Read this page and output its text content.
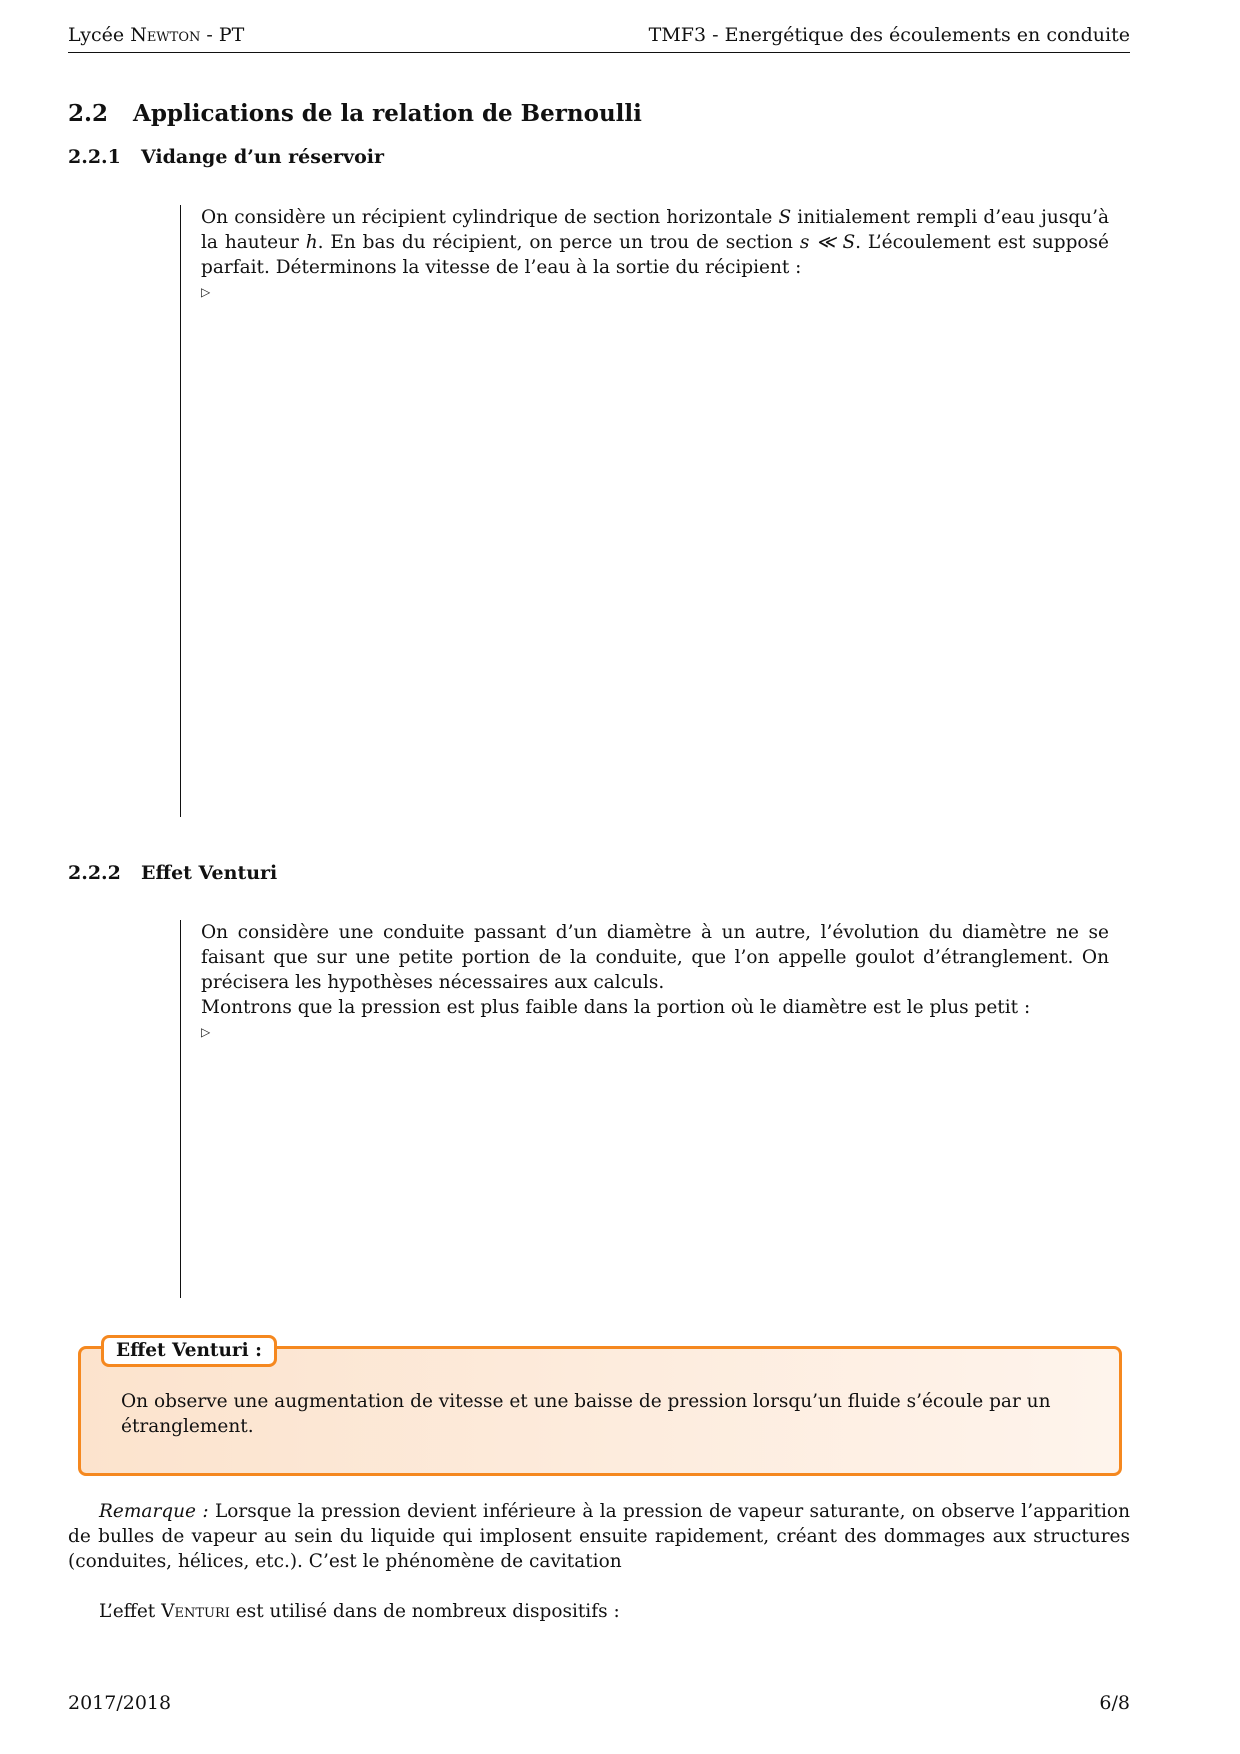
Lycée Newton - PT	TMF3 - Energétique des écoulements en conduite
2.2 Applications de la relation de Bernoulli
2.2.1 Vidange d’un réservoir

On considère un récipient cylindrique de section horizontale S initialement rempli d’eau jusqu’à la hauteur h. En bas du récipient, on perce un trou de section s ≪ S. L’écoulement est supposé parfait. Déterminons la vitesse de l’eau à la sortie du récipient :

▷
2.2.2 Effet Venturi

On considère une conduite passant d’un diamètre à un autre, l’évolution du diamètre ne se faisant que sur une petite portion de la conduite, que l’on appelle goulot d’étranglement. On précisera les hypothèses nécessaires aux calculs.

Montrons que la pression est plus faible dans la portion où le diamètre est le plus petit :

▷
Effet Venturi :

On observe une augmentation de vitesse et une baisse de pression lorsqu’un fluide s’écoule par un étranglement.

Remarque : Lorsque la pression devient inférieure à la pression de vapeur saturante, on observe l’apparition de bulles de vapeur au sein du liquide qui implosent ensuite rapidement, créant des dommages aux structures (conduites, hélices, etc.). C’est le phénomène de cavitation

L’effet Venturi est utilisé dans de nombreux dispositifs :

2017/2018	6/8
